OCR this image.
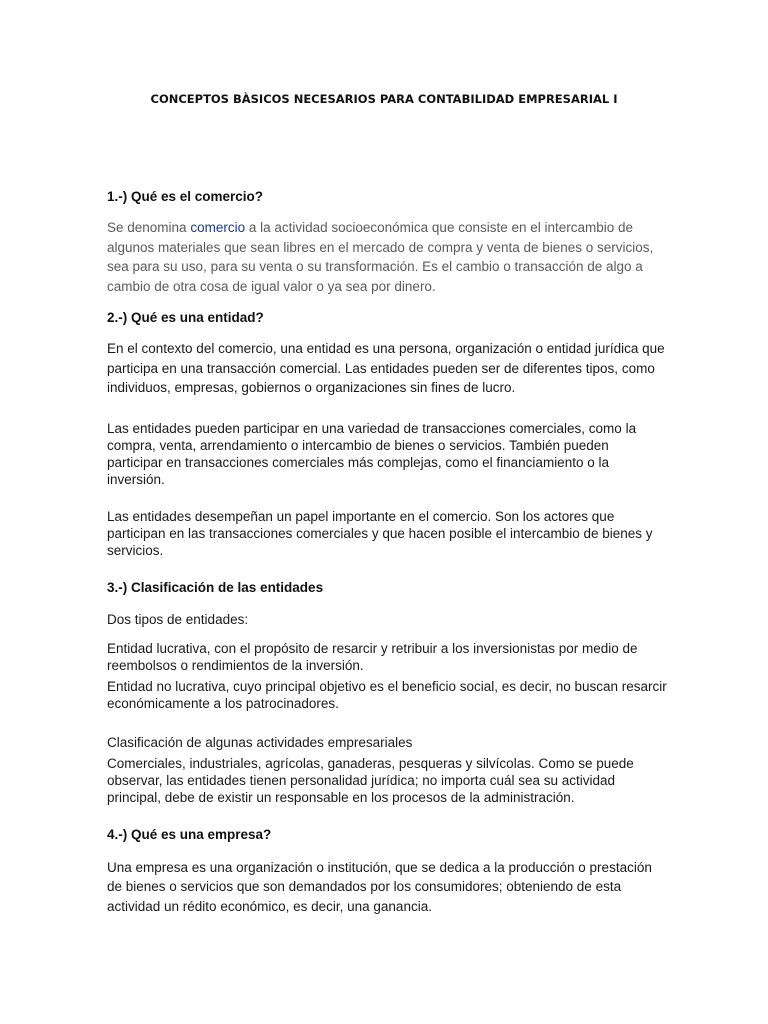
CONCEPTOS BÀSICOS NECESARIOS PARA CONTABILIDAD EMPRESARIAL I
1.-) Qué es el comercio?

Se denomina comercio a la actividad socioeconómica que consiste en el intercambio de algunos materiales que sean libres en el mercado de compra y venta de bienes o servicios, sea para su uso, para su venta o su transformación. Es el cambio o transacción de algo a cambio de otra cosa de igual valor o ya sea por dinero.

2.-) Qué es una entidad?

En el contexto del comercio, una entidad es una persona, organización o entidad jurídica que participa en una transacción comercial. Las entidades pueden ser de diferentes tipos, como individuos, empresas, gobiernos o organizaciones sin fines de lucro.

Las entidades pueden participar en una variedad de transacciones comerciales, como la compra, venta, arrendamiento o intercambio de bienes o servicios. También pueden participar en transacciones comerciales más complejas, como el financiamiento o la inversión.

Las entidades desempeñan un papel importante en el comercio. Son los actores que participan en las transacciones comerciales y que hacen posible el intercambio de bienes y servicios.

3.-) Clasificación de las entidades

Dos tipos de entidades:

Entidad lucrativa, con el propósito de resarcir y retribuir a los inversionistas por medio de reembolsos o rendimientos de la inversión.

Entidad no lucrativa, cuyo principal objetivo es el beneficio social, es decir, no buscan resarcir económicamente a los patrocinadores.

Clasificación de algunas actividades empresariales

Comerciales, industriales, agrícolas, ganaderas, pesqueras y silvícolas. Como se puede observar, las entidades tienen personalidad jurídica; no importa cuál sea su actividad principal, debe de existir un responsable en los procesos de la administración.

4.-) Qué es una empresa?

Una empresa es una organización o institución, que se dedica a la producción o prestación de bienes o servicios que son demandados por los consumidores; obteniendo de esta actividad un rédito económico, es decir, una ganancia.
